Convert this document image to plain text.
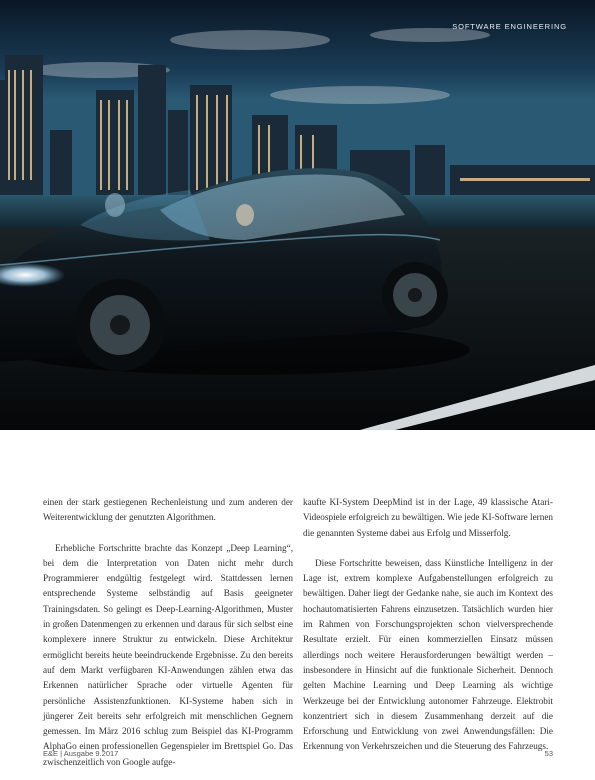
SOFTWARE ENGINEERING

einen der stark gestiegenen Rechenleistung und zum anderen der Weiterentwicklung der genutzten Algorithmen.

Erhebliche Fortschritte brachte das Konzept „Deep Learning“, bei dem die Interpretation von Daten nicht mehr durch Programmierer endgültig festgelegt wird. Stattdessen lernen entsprechende Systeme selbständig auf Basis geeigneter Trainingsdaten. So gelingt es Deep-Learning-Algorithmen, Muster in großen Datenmengen zu erkennen und daraus für sich selbst eine komplexere innere Struktur zu entwickeln. Diese Architektur ermöglicht bereits heute beeindruckende Ergebnisse. Zu den bereits auf dem Markt verfügbaren KI-Anwendungen zählen etwa das Erkennen natürlicher Sprache oder virtuelle Agenten für persönliche Assistenzfunktionen. KI-Systeme haben sich in jüngerer Zeit bereits sehr erfolgreich mit menschlichen Gegnern gemessen. Im März 2016 schlug zum Beispiel das KI-Programm AlphaGo einen professionellen Gegenspieler im Brettspiel Go. Das zwischenzeitlich von Google aufge-

kaufte KI-System DeepMind ist in der Lage, 49 klassische Atari-Videospiele erfolgreich zu bewältigen. Wie jede KI-Software lernen die genannten Systeme dabei aus Erfolg und Misserfolg.

Diese Fortschritte beweisen, dass Künstliche Intelligenz in der Lage ist, extrem komplexe Aufgabenstellungen erfolgreich zu bewältigen. Daher liegt der Gedanke nahe, sie auch im Kontext des hochautomatisierten Fahrens einzusetzen. Tatsächlich wurden hier im Rahmen von Forschungsprojekten schon vielversprechende Resultate erzielt. Für einen kommerziellen Einsatz müssen allerdings noch weitere Herausforderungen bewältigt werden – insbesondere in Hinsicht auf die funktionale Sicherheit. Dennoch gelten Machine Learning und Deep Learning als wichtige Werkzeuge bei der Entwicklung autonomer Fahrzeuge. Elektrobit konzentriert sich in diesem Zusammenhang derzeit auf die Erforschung und Entwicklung von zwei Anwendungsfällen: Die Erkennung von Verkehrszeichen und die Steuerung des Fahrzeugs.

E&E | Ausgabe 9.2017	53
